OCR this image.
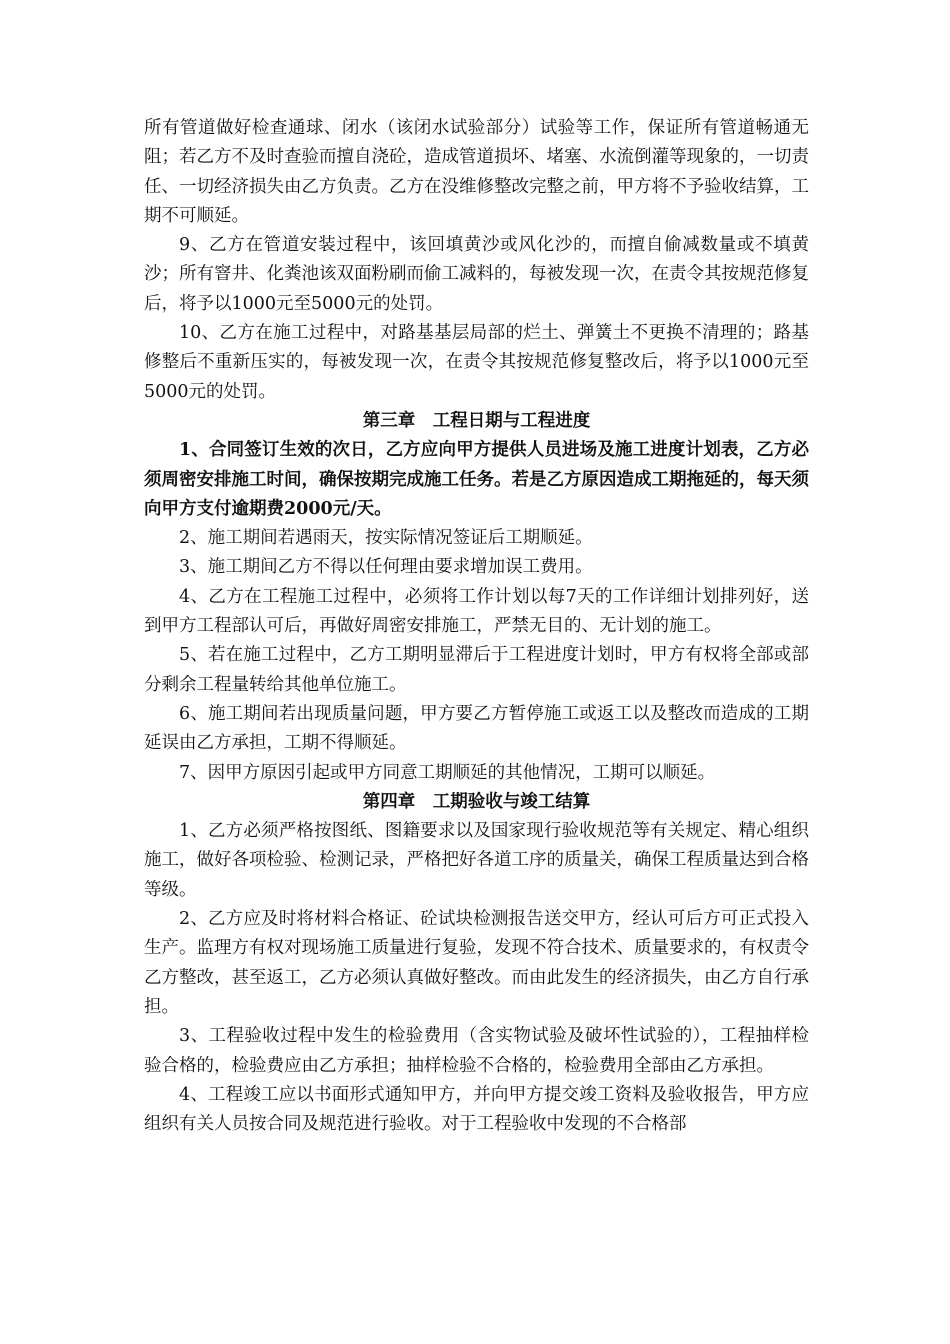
所有管道做好检查通球、闭水（该闭水试验部分）试验等工作，保证所有管道畅通无阻；若乙方不及时查验而擅自浇砼，造成管道损坏、堵塞、水流倒灌等现象的，一切责任、一切经济损失由乙方负责。乙方在没维修整改完整之前，甲方将不予验收结算，工期不可顺延。

9、乙方在管道安装过程中，该回填黄沙或风化沙的，而擅自偷减数量或不填黄沙；所有窨井、化粪池该双面粉刷而偷工减料的，每被发现一次，在责令其按规范修复后，将予以1000元至5000元的处罚。

10、乙方在施工过程中，对路基基层局部的烂土、弹簧土不更换不清理的；路基修整后不重新压实的，每被发现一次，在责令其按规范修复整改后，将予以1000元至5000元的处罚。

第三章　工程日期与工程进度

1、合同签订生效的次日，乙方应向甲方提供人员进场及施工进度计划表，乙方必须周密安排施工时间，确保按期完成施工任务。若是乙方原因造成工期拖延的，每天须向甲方支付逾期费2000元/天。

2、施工期间若遇雨天，按实际情况签证后工期顺延。

3、施工期间乙方不得以任何理由要求增加误工费用。

4、乙方在工程施工过程中，必须将工作计划以每7天的工作详细计划排列好，送到甲方工程部认可后，再做好周密安排施工，严禁无目的、无计划的施工。

5、若在施工过程中，乙方工期明显滞后于工程进度计划时，甲方有权将全部或部分剩余工程量转给其他单位施工。

6、施工期间若出现质量问题，甲方要乙方暂停施工或返工以及整改而造成的工期延误由乙方承担，工期不得顺延。

7、因甲方原因引起或甲方同意工期顺延的其他情况，工期可以顺延。

第四章　工期验收与竣工结算

1、乙方必须严格按图纸、图籍要求以及国家现行验收规范等有关规定、精心组织施工，做好各项检验、检测记录，严格把好各道工序的质量关，确保工程质量达到合格等级。

2、乙方应及时将材料合格证、砼试块检测报告送交甲方，经认可后方可正式投入生产。监理方有权对现场施工质量进行复验，发现不符合技术、质量要求的，有权责令乙方整改，甚至返工，乙方必须认真做好整改。而由此发生的经济损失，由乙方自行承担。

3、工程验收过程中发生的检验费用（含实物试验及破坏性试验的），工程抽样检验合格的，检验费应由乙方承担；抽样检验不合格的，检验费用全部由乙方承担。

4、工程竣工应以书面形式通知甲方，并向甲方提交竣工资料及验收报告，甲方应组织有关人员按合同及规范进行验收。对于工程验收中发现的不合格部
